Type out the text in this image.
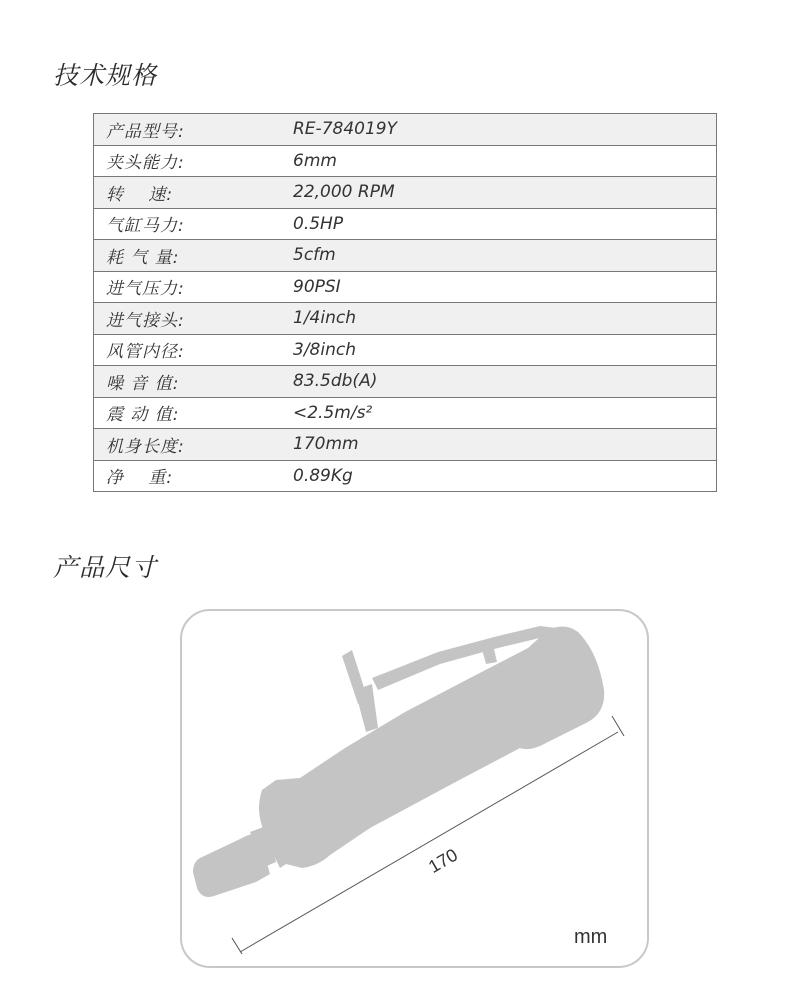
技术规格
产品型号:	RE-784019Y
夹头能力:	6mm
转　 速:	22,000 RPM
气缸马力:	0.5HP
耗 气 量:	5cfm
进气压力:	90PSI
进气接头:	1/4inch
风管内径:	3/8inch
噪 音 值:	83.5db(A)
震 动 值:	<2.5m/s²
机身长度:	170mm
净　 重:	0.89Kg
产品尺寸
170
mm
